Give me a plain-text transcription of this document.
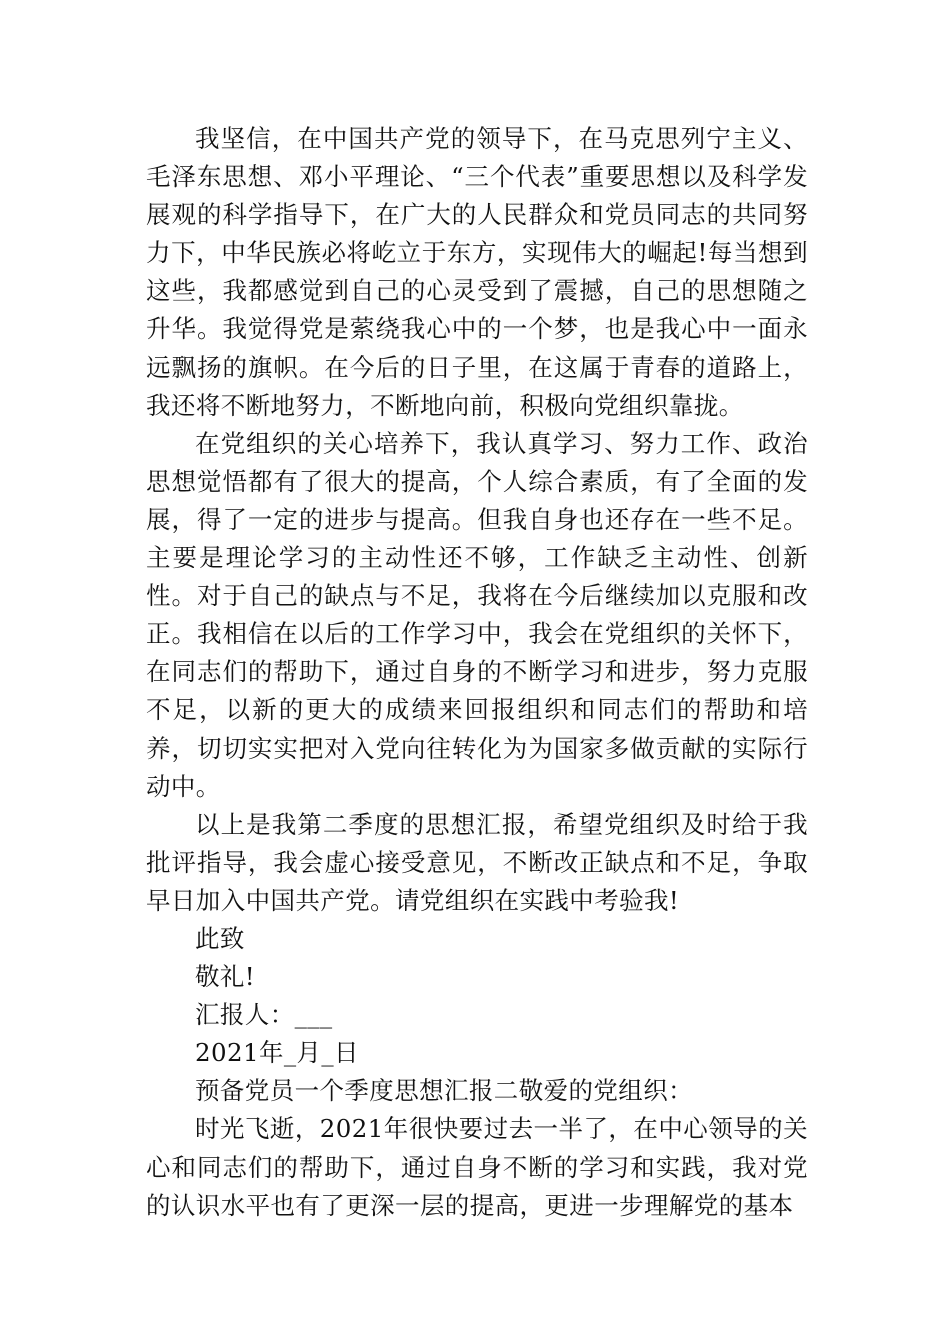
我坚信，在中国共产党的领导下，在马克思列宁主义、毛泽东思想、邓小平理论、“三个代表”重要思想以及科学发展观的科学指导下，在广大的人民群众和党员同志的共同努力下，中华民族必将屹立于东方，实现伟大的崛起!每当想到这些，我都感觉到自己的心灵受到了震撼，自己的思想随之升华。我觉得党是萦绕我心中的一个梦，也是我心中一面永远飘扬的旗帜。在今后的日子里，在这属于青春的道路上，我还将不断地努力，不断地向前，积极向党组织靠拢。

在党组织的关心培养下，我认真学习、努力工作、政治思想觉悟都有了很大的提高，个人综合素质，有了全面的发展，得了一定的进步与提高。但我自身也还存在一些不足。主要是理论学习的主动性还不够，工作缺乏主动性、创新性。对于自己的缺点与不足，我将在今后继续加以克服和改正。我相信在以后的工作学习中，我会在党组织的关怀下，在同志们的帮助下，通过自身的不断学习和进步，努力克服不足，以新的更大的成绩来回报组织和同志们的帮助和培养，切切实实把对入党向往转化为为国家多做贡献的实际行动中。

以上是我第二季度的思想汇报，希望党组织及时给于我批评指导，我会虚心接受意见，不断改正缺点和不足，争取早日加入中国共产党。请党组织在实践中考验我!

此致

敬礼!

汇报人：___

2021年_月_日

预备党员一个季度思想汇报二敬爱的党组织：

时光飞逝，2021年很快要过去一半了，在中心领导的关心和同志们的帮助下，通过自身不断的学习和实践，我对党的认识水平也有了更深一层的提高，更进一步理解党的基本
